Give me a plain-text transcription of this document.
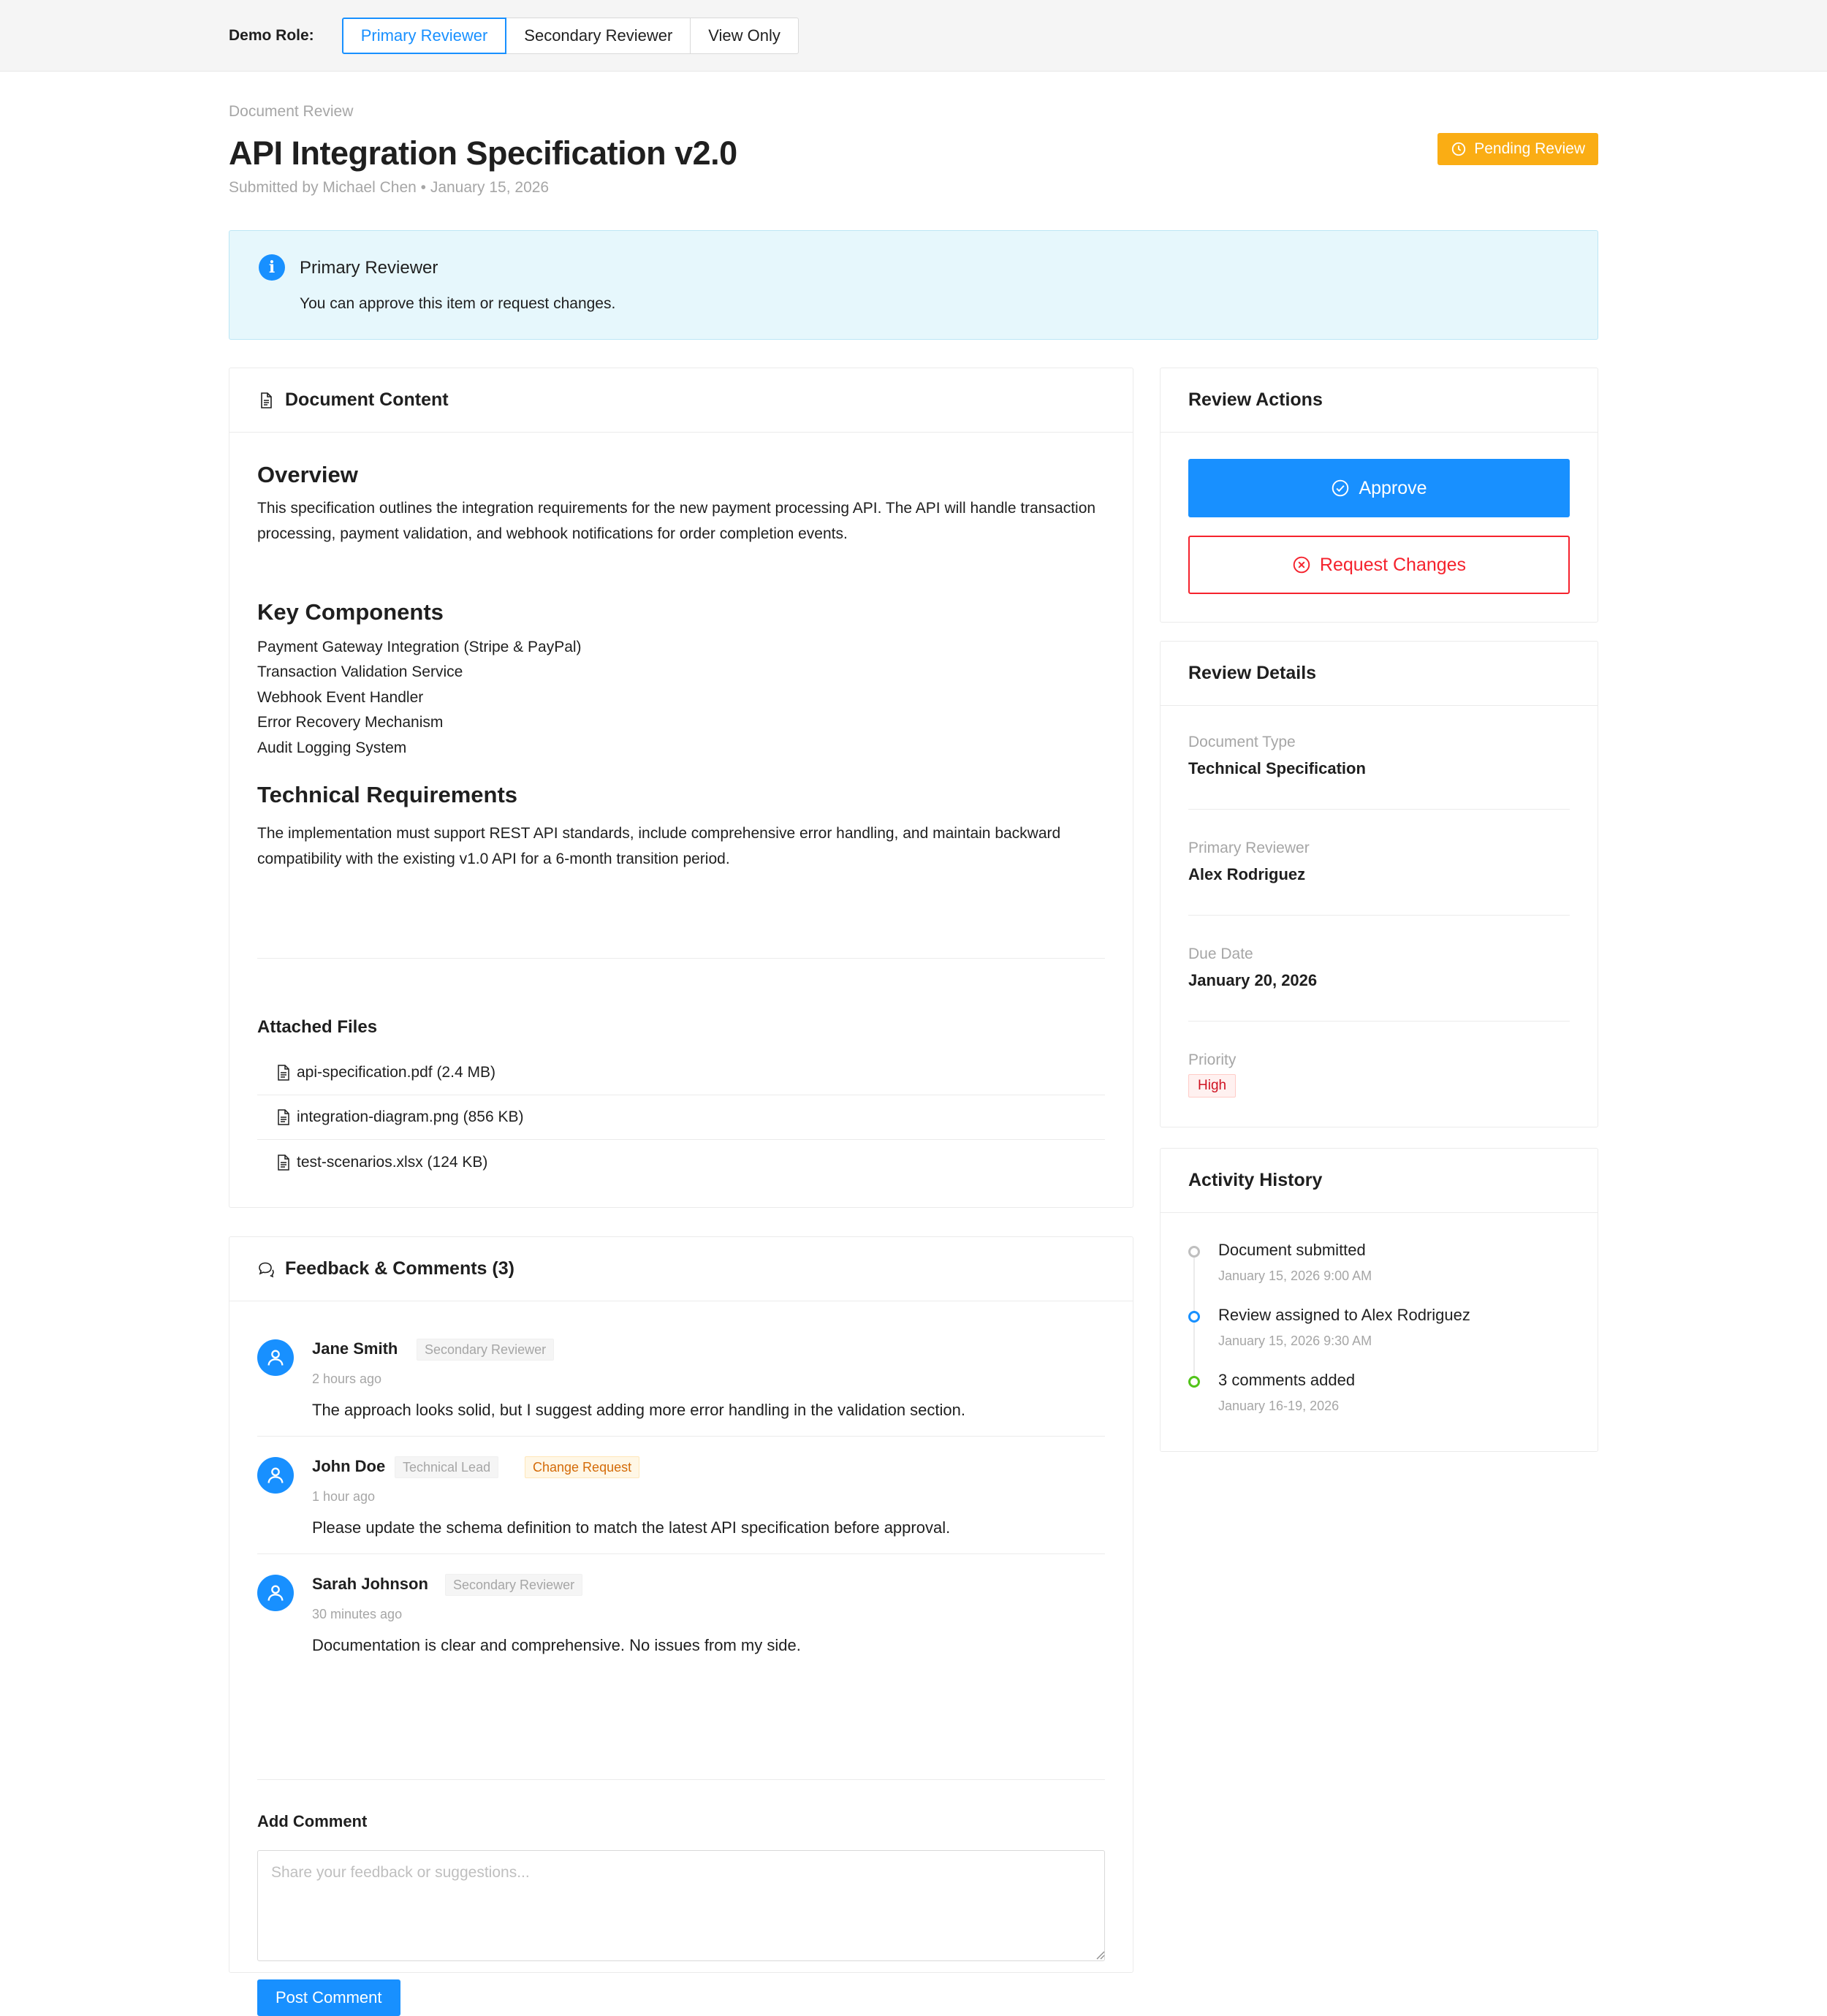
Demo Role:	Primary Reviewer	Secondary Reviewer	View Only
Document Review
API Integration Specification v2.0
Submitted by Michael Chen • January 15, 2026
Pending Review
i	Primary Reviewer
You can approve this item or request changes.
Document Content
Overview
This specification outlines the integration requirements for the new payment processing API. The API will handle transaction processing, payment validation, and webhook notifications for order completion events.
Key Components
Payment Gateway Integration (Stripe & PayPal)
Transaction Validation Service
Webhook Event Handler
Error Recovery Mechanism
Audit Logging System
Technical Requirements
The implementation must support REST API standards, include comprehensive error handling, and maintain backward compatibility with the existing v1.0 API for a 6-month transition period.
Attached Files
api-specification.pdf (2.4 MB)
integration-diagram.png (856 KB)
test-scenarios.xlsx (124 KB)
Feedback & Comments (3)
Jane Smith	Secondary Reviewer
2 hours ago
The approach looks solid, but I suggest adding more error handling in the validation section.
John Doe	Technical Lead	Change Request
1 hour ago
Please update the schema definition to match the latest API specification before approval.
Sarah Johnson	Secondary Reviewer
30 minutes ago
Documentation is clear and comprehensive. No issues from my side.
Add Comment
Share your feedback or suggestions...
Post Comment
Review Actions
Approve
Request Changes
Review Details
Document Type
Technical Specification
Primary Reviewer
Alex Rodriguez
Due Date
January 20, 2026
Priority
High
Activity History
Document submitted
January 15, 2026 9:00 AM
Review assigned to Alex Rodriguez
January 15, 2026 9:30 AM
3 comments added
January 16-19, 2026
